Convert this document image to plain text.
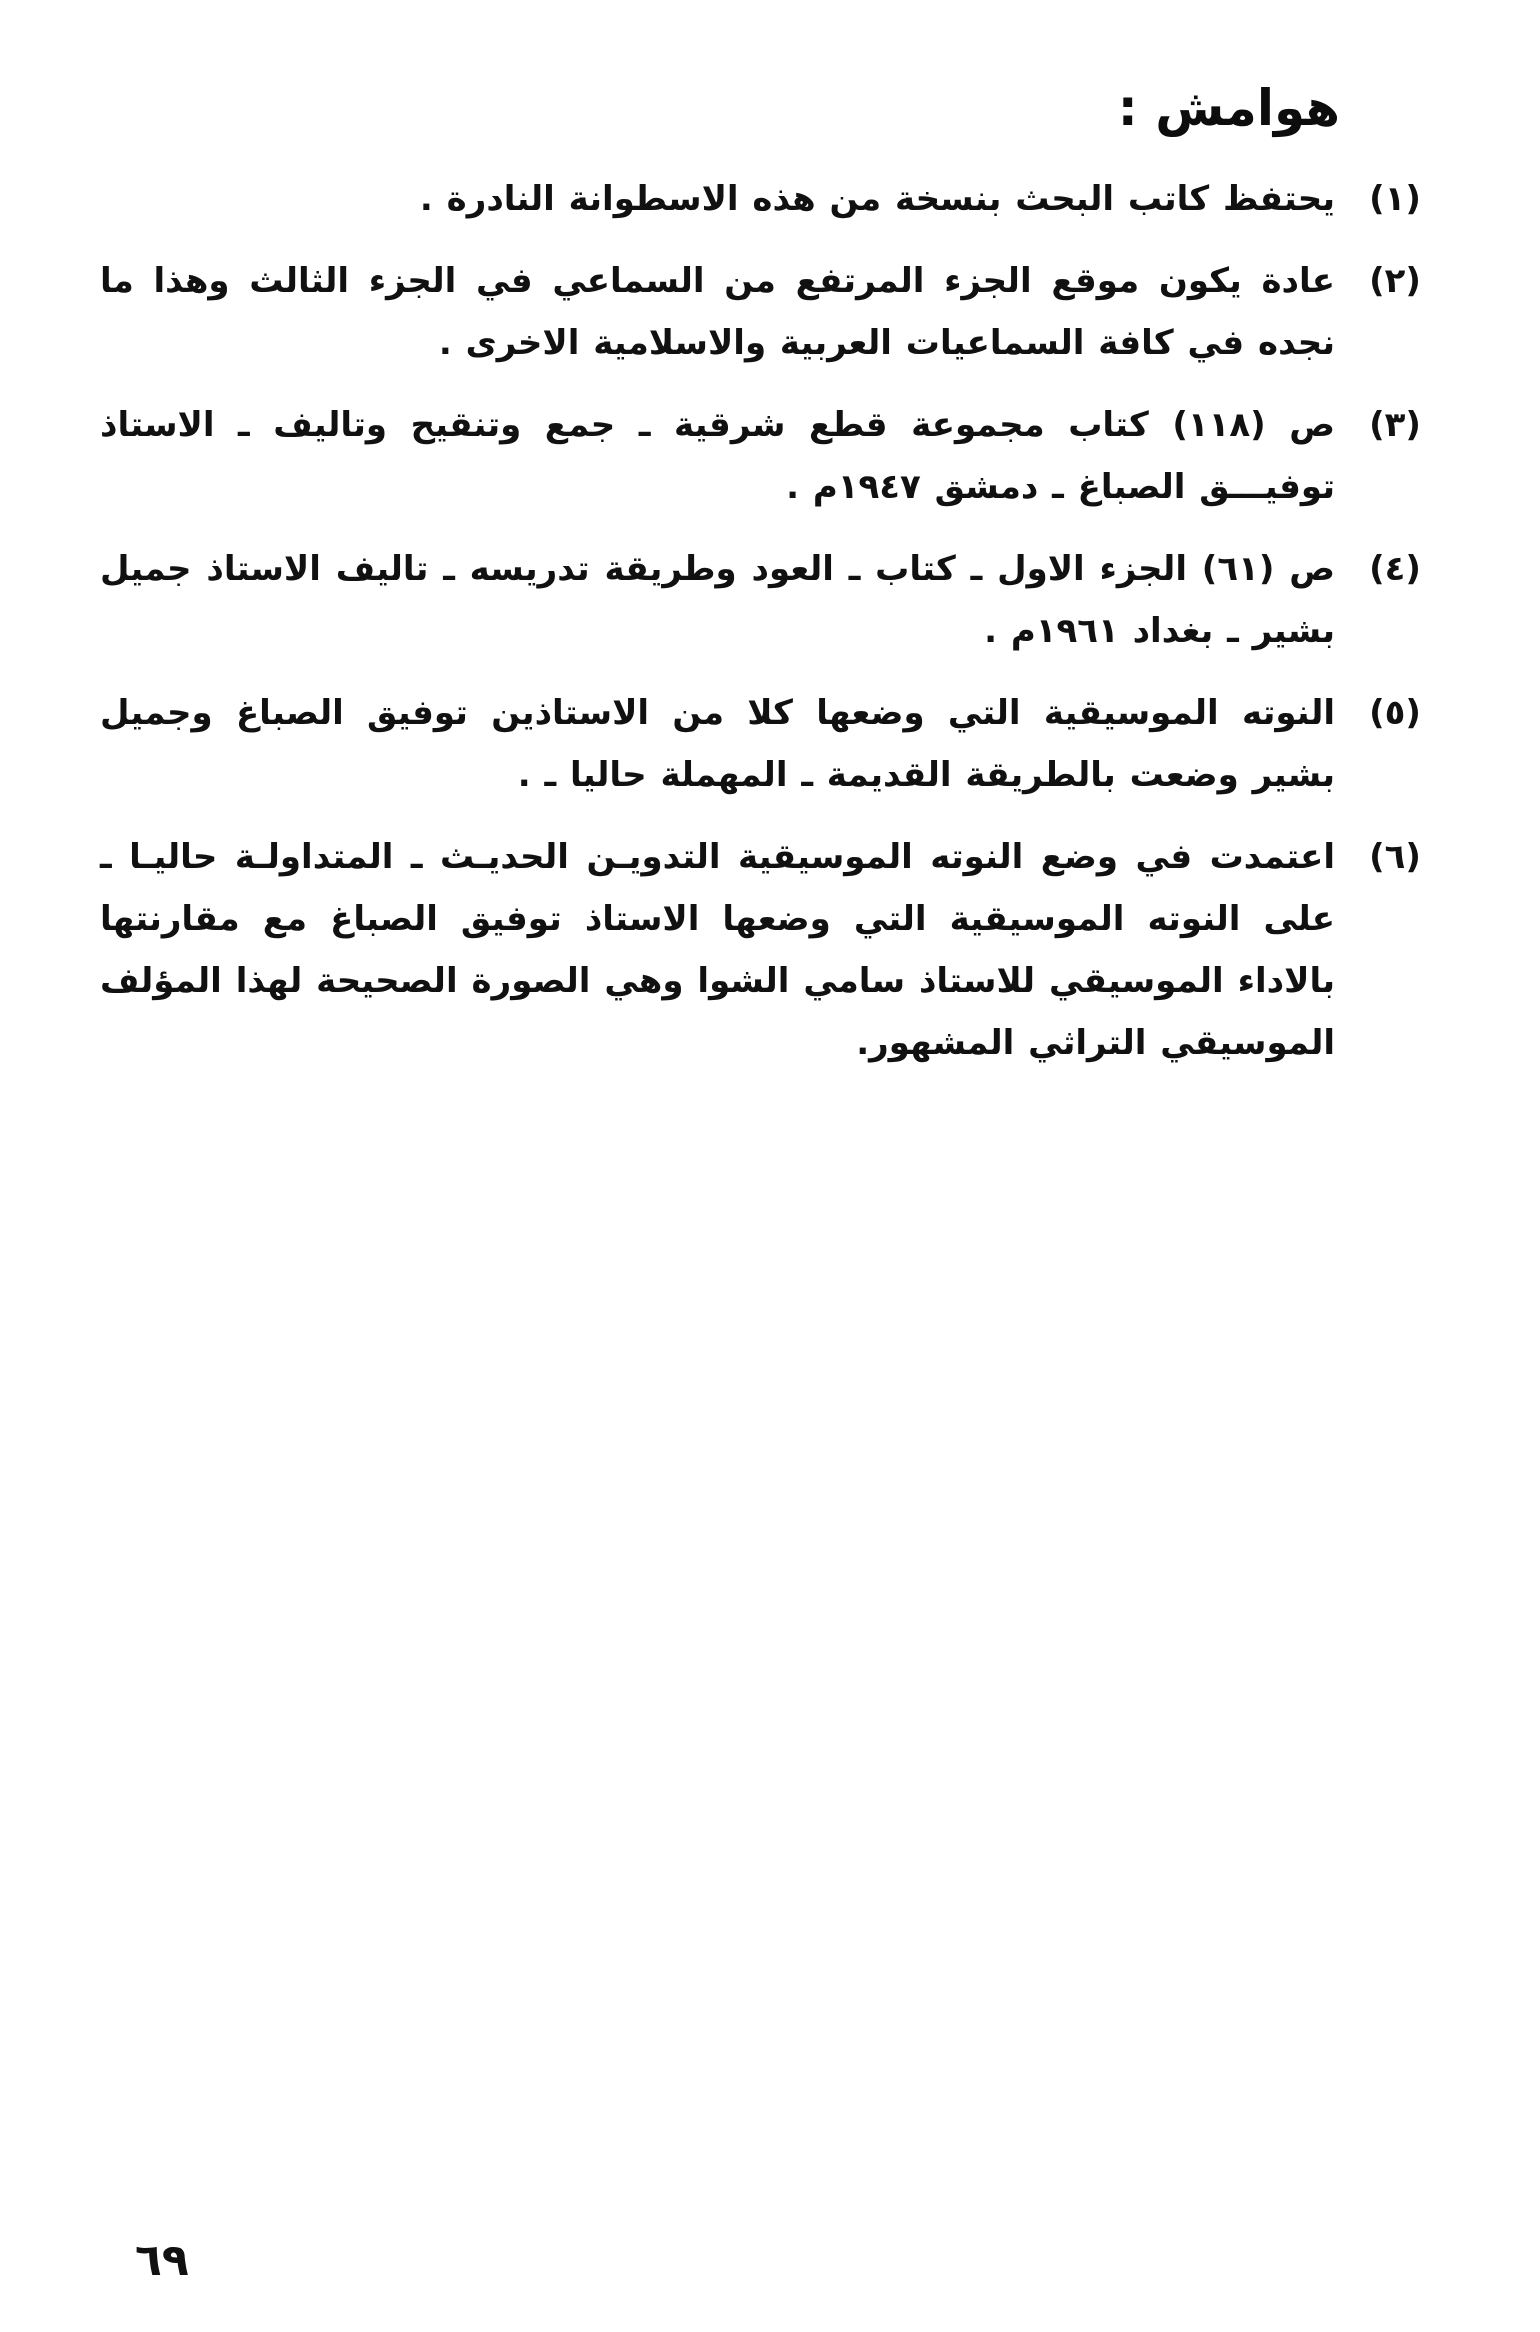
هوامش :
(١)
يحتفظ كاتب البحث بنسخة من هذه الاسطوانة النادرة .
(٢)
عادة يكون موقع الجزء المرتفع من السماعي في الجزء الثالث وهذا ما نجده في كافة السماعيات العربية والاسلامية الاخرى .
(٣)
ص (١١٨) كتاب مجموعة قطع شرقية ـ جمع وتنقيح وتاليف ـ الاستاذ توفيـــق الصباغ ـ دمشق ١٩٤٧م .
(٤)
ص (٦١) الجزء الاول ـ كتاب ـ العود وطريقة تدريسه ـ تاليف الاستاذ جميل بشير ـ بغداد ١٩٦١م .
(٥)
النوته الموسيقية التي وضعها كلا من الاستاذين توفيق الصباغ وجميل بشير وضعت بالطريقة القديمة ـ المهملة حاليا ـ .
(٦)
اعتمدت في وضع النوته الموسيقية التدويـن الحديـث ـ المتداولـة حاليـا ـ على النوته الموسيقية التي وضعها الاستاذ توفيق الصباغ مع مقارنتها بالاداء الموسيقي للاستاذ سامي الشوا وهي الصورة الصحيحة لهذا المؤلف الموسيقي التراثي المشهور.
٦٩
